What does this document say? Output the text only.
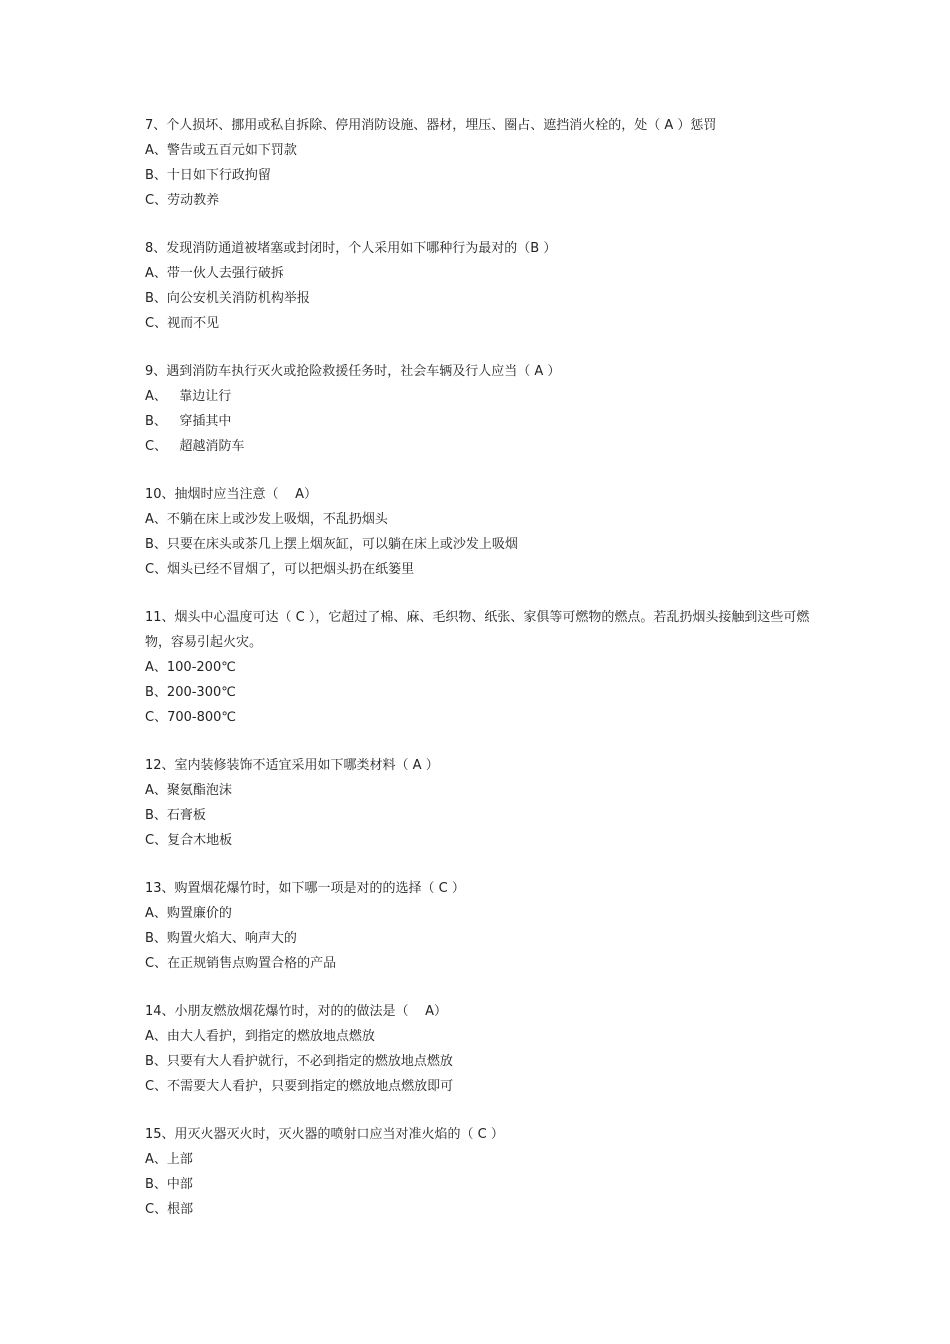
7、个人损坏、挪用或私自拆除、停用消防设施、器材，埋压、圈占、遮挡消火栓的，处（ A ）惩罚
A、警告或五百元如下罚款
B、十日如下行政拘留
C、劳动教养
8、发现消防通道被堵塞或封闭时，个人采用如下哪种行为最对的（B ）
A、带一伙人去强行破拆
B、向公安机关消防机构举报
C、视而不见
9、遇到消防车执行灭火或抢险救援任务时，社会车辆及行人应当（ A ）
A、   靠边让行
B、   穿插其中
C、   超越消防车
10、抽烟时应当注意（    A）
A、不躺在床上或沙发上吸烟，不乱扔烟头
B、只要在床头或茶几上摆上烟灰缸，可以躺在床上或沙发上吸烟
C、烟头已经不冒烟了，可以把烟头扔在纸篓里
11、烟头中心温度可达（ C ），它超过了棉、麻、毛织物、纸张、家俱等可燃物的燃点。若乱扔烟头接触到这些可燃物，容易引起火灾。
A、100-200℃
B、200-300℃
C、700-800℃
12、室内装修装饰不适宜采用如下哪类材料（ A ）
A、聚氨酯泡沫
B、石膏板
C、复合木地板
13、购置烟花爆竹时，如下哪一项是对的的选择（ C ）
A、购置廉价的
B、购置火焰大、响声大的
C、在正规销售点购置合格的产品
14、小朋友燃放烟花爆竹时，对的的做法是（    A）
A、由大人看护，到指定的燃放地点燃放
B、只要有大人看护就行，不必到指定的燃放地点燃放
C、不需要大人看护，只要到指定的燃放地点燃放即可
15、用灭火器灭火时，灭火器的喷射口应当对准火焰的（ C ）
A、上部
B、中部
C、根部
